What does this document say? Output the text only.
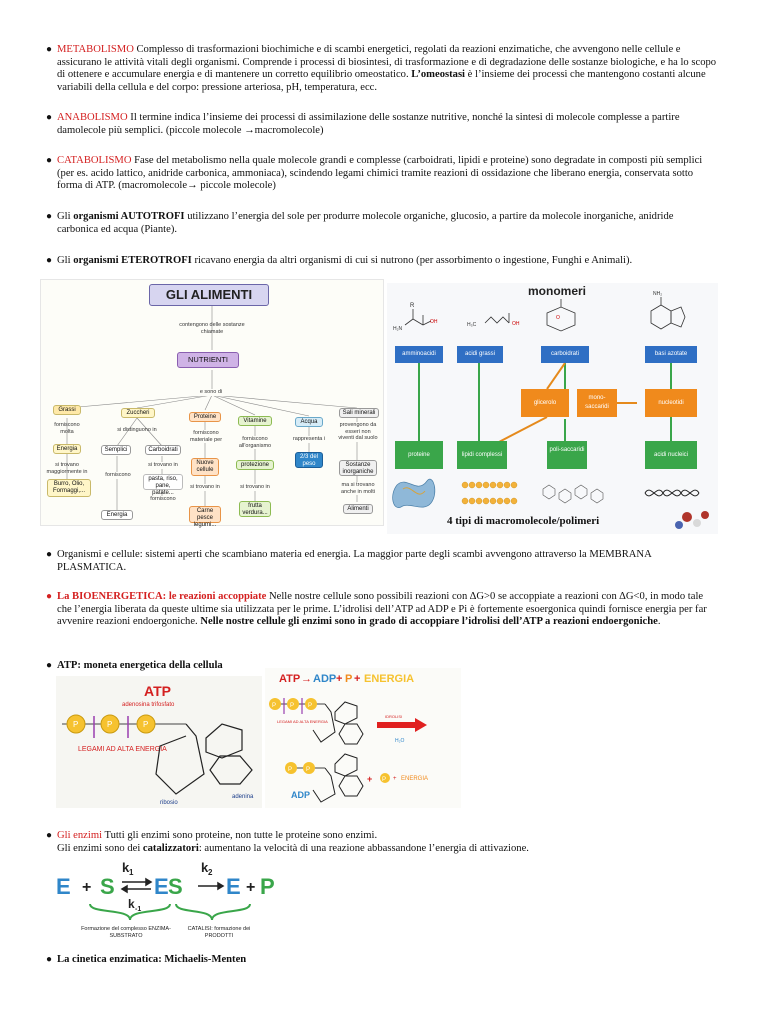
● METABOLISMO Complesso di trasformazioni biochimiche e di scambi energetici, regolati da reazioni enzimatiche, che avvengono nelle cellule e assicurano le attività vitali degli organismi. Comprende i processi di biosintesi, di trasformazione e di degradazione delle sostanze biologiche, e ha lo scopo di ottenere e accumulare energia e di mantenere un corretto equilibrio omeostatico. L’omeostasi è l’insieme dei processi che mantengono costanti alcune variabili della cellula e del corpo: pressione arteriosa, pH, temperatura, ecc.
● ANABOLISMO Il termine indica l’insieme dei processi di assimilazione delle sostanze nutritive, nonché la sintesi di molecole complesse a partire damolecole più semplici. (piccole molecole →macromolecole)
● CATABOLISMO Fase del metabolismo nella quale molecole grandi e complesse (carboidrati, lipidi e proteine) sono degradate in composti più semplici (per es. acido lattico, anidride carbonica, ammoniaca), scindendo legami chimici tramite reazioni di ossidazione che liberano energia, conservata sotto forma di ATP. (macromolecole→ piccole molecole)
● Gli organismi AUTOTROFI utilizzano l’energia del sole per produrre molecole organiche, glucosio, a partire da molecole inorganiche, anidride carbonica ed acqua (Piante).
● Gli organismi ETEROTROFI ricavano energia da altri organismi di cui si nutrono (per assorbimento o ingestione, Funghi e Animali).
GLI ALIMENTI
contengono delle sostanze chiamate
NUTRIENTI
e sono di
Grassi	Zuccheri
Proteine
Vitamine	Acqua
Sali minerali
forniscono molta
Energia
si trovano maggiormente in
Burro, Olio, Formaggi,...
si distinguono in
Semplici	Carboidrati
forniscono
si trovano in
pasta, riso, pane, patate...
forniscono
Energia
forniscono materiale per
Nuove cellule
si trovano in
Carne pesce legumi...
forniscono all'organismo
protezione
si trovano in
frutta verdura...
rappresenta i
2/3 del peso
provengono da esseri non viventi dal suolo
Sostanze inorganiche
ma si trovano anche in molti
Alimenti
monomeri
R
H₂N
OH	H₃C	OH
O
NH₂
amminoacidi	acidi grassi	carboidrati	basi azotate
glicerolo
mono-saccaridi
nucleotidi
proteine	lipidi complessi
poli-saccaridi
acidi nucleici
4 tipi di macromolecole/polimeri
● Organismi e cellule: sistemi aperti che scambiano materia ed energia. La maggior parte degli scambi avvengono attraverso la MEMBRANA PLASMATICA.
● La BIOENERGETICA: le reazioni accoppiate Nelle nostre cellule sono possibili reazioni con ∆G>0 se accoppiate a reazioni con ∆G<0, in modo tale che l’energia liberata da queste ultime sia utilizzata per le prime. L’idrolisi dell’ATP ad ADP e Pi è fortemente esoergonica quindi fornisce energia per far avvenire reazioni endoergoniche. Nelle nostre cellule gli enzimi sono in grado di accoppiare l’idrolisi dell’ATP a reazioni endoergoniche.
● ATP: moneta energetica della cellula
ATP
adenosina trifosfato
P	P	P
LEGAMI AD ALTA ENERGIA
adenina
ribosio
ATP → ADP + P + ENERGIA
P P P
LEGAMI AD ALTA ENERGIA
IDROLISI
H₂O
P P
ADP
+ P + ENERGIA
● Gli enzimi Tutti gli enzimi sono proteine, non tutte le proteine sono enzimi.
Gli enzimi sono dei catalizzatori: aumentano la velocità di una reazione abbassandone l’energia di attivazione.
E + S
k 1
k -1
E S
k 2
E + P
Formazione del complesso ENZIMA-SUBSTRATO
CATALISI: formazione dei PRODOTTI
● La cinetica enzimatica: Michaelis-Menten
